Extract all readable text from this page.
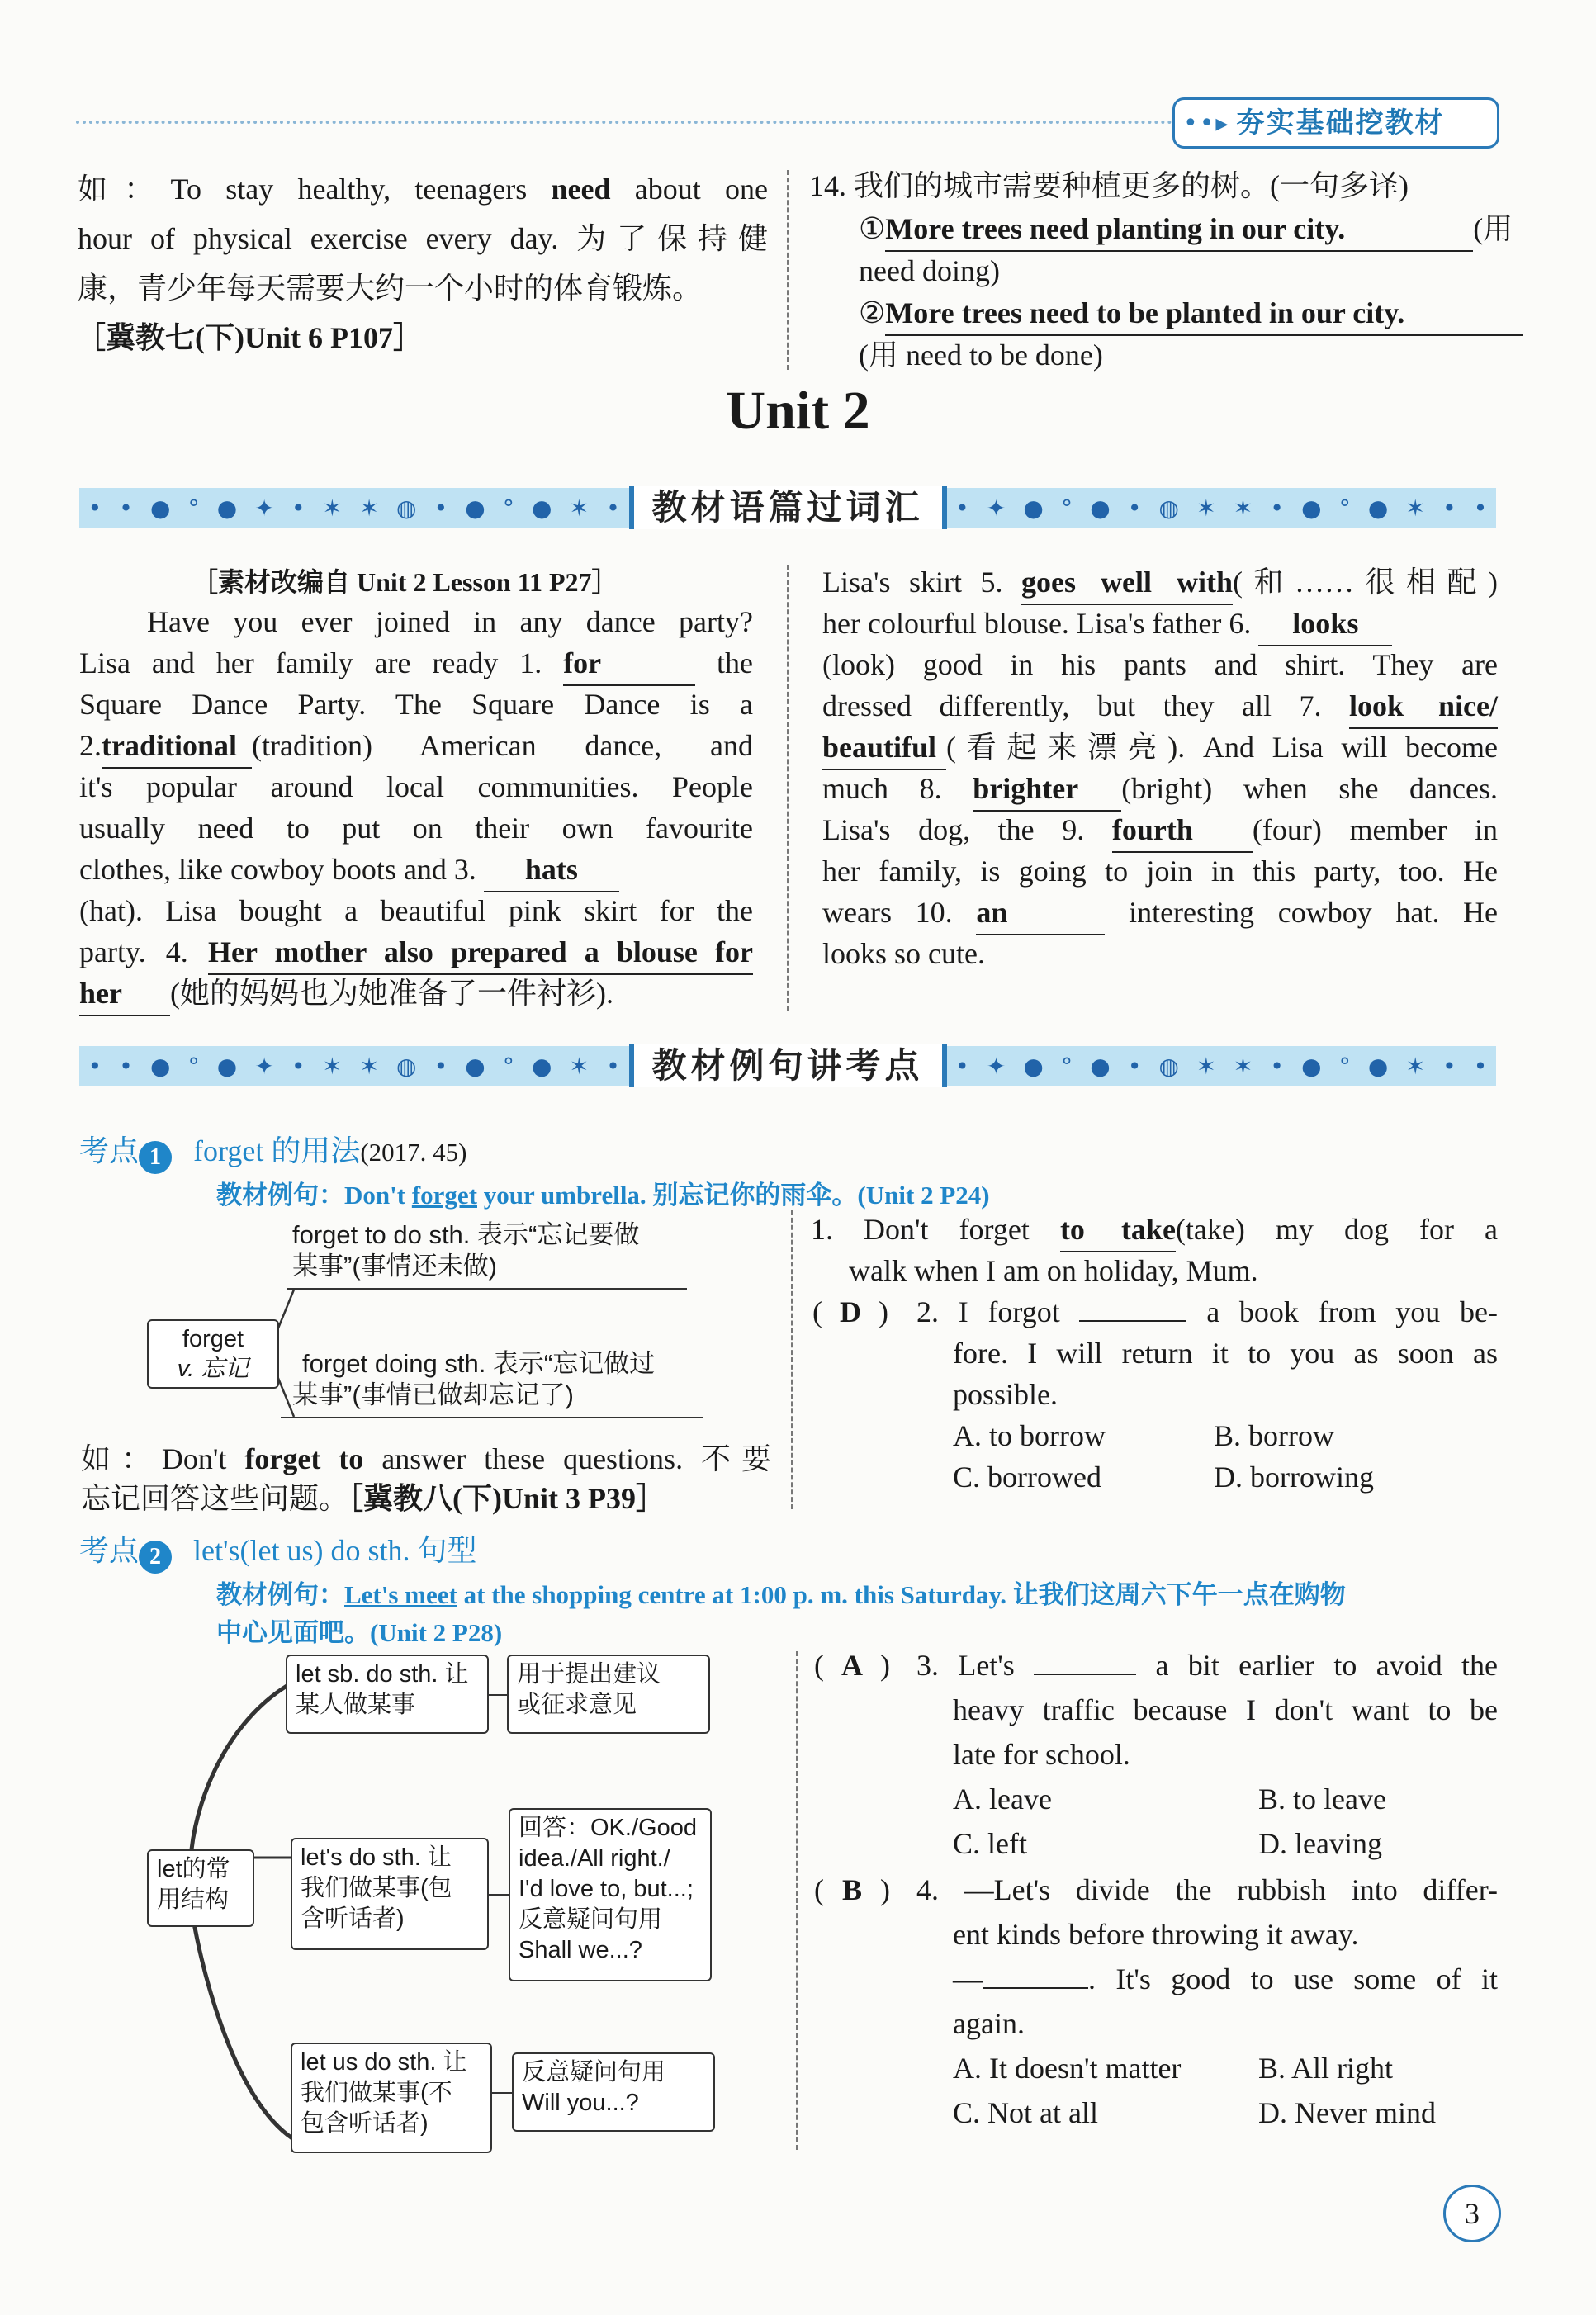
••▸ 夯实基础挖教材
如：To stay healthy, teenagers need about one
hour of physical exercise every day. 为了保持健
康，青少年每天需要大约一个小时的体育锻炼。
［冀教七(下)Unit 6 P107］
14. 我们的城市需要种植更多的树。(一句多译)
①More trees need planting in our city.	(用
need doing)
②More trees need to be planted in our city.
(用 need to be done)
Unit 2
• • ● ° ● ✦ • ✶ ✶ ◍ • ● ° ● ✶ • 教材语篇过词汇	• ✦ ● ° ● • ◍ ✶ ✶ • ● ° ● ✶ • •
［素材改编自 Unit 2 Lesson 11 P27］
Have you ever joined in any dance party?
Lisa and her family are ready 1. for	the
Square Dance Party. The Square Dance is a
2.traditional (tradition) American dance, and
it's popular around local communities. People
usually need to put on their own favourite
clothes, like cowboy boots and 3. hats
(hat). Lisa bought a beautiful pink skirt for the
party. 4. Her mother also prepared a blouse for
her (她的妈妈也为她准备了一件衬衫).
Lisa's skirt 5. goes well with(和……很相配)
her colourful blouse. Lisa's father 6. looks
(look) good in his pants and shirt. They are
dressed differently, but they all 7. look nice/
beautiful (看起来漂亮). And Lisa will become
much 8. brighter (bright) when she dances.
Lisa's dog, the 9. fourth (four) member in
her family, is going to join in this party, too. He
wears 10. an	interesting cowboy hat. He
looks so cute.
• • ● ° ● ✦ • ✶ ✶ ◍ • ● ° ● ✶ • 教材例句讲考点	• ✦ ● ° ● • ◍ ✶ ✶ • ● ° ● ✶ • •
考点 1 forget 的用法(2017. 45)
教材例句：Don't forget your umbrella. 别忘记你的雨伞。(Unit 2 P24)
forget to do sth. 表示“忘记要做
某事”(事情还未做)
forget doing sth. 表示“忘记做过
某事”(事情已做却忘记了)
forget
v. 忘记
如：Don't forget to answer these questions. 不要
忘记回答这些问题。［冀教八(下)Unit 3 P39］
1. Don't forget to take(take) my dog for a
walk when I am on holiday, Mum.
( D ) 2. I forgot	a book from you be-
fore. I will return it to you as soon as
possible.
A. to borrow	B. borrow
C. borrowed	D. borrowing
考点 2 let's(let us) do sth. 句型
教材例句：Let's meet at the shopping centre at 1:00 p. m. this Saturday. 让我们这周六下午一点在购物
中心见面吧。(Unit 2 P28)
let的常
用结构
let sb. do sth. 让
某人做某事
用于提出建议
或征求意见
let's do sth. 让
我们做某事(包
含听话者)
回答：OK./Good
idea./All right./
I'd love to, but...;
反意疑问句用
Shall we...?
let us do sth. 让
我们做某事(不
包含听话者)
反意疑问句用
Will you...?
( A ) 3. Let's	a bit earlier to avoid the
heavy traffic because I don't want to be
late for school.
A. leave	B. to leave
C. left	D. leaving
( B ) 4. —Let's divide the rubbish into differ-
ent kinds before throwing it away.
—	. It's good to use some of it
again.
A. It doesn't matter	B. All right
C. Not at all	D. Never mind
3
